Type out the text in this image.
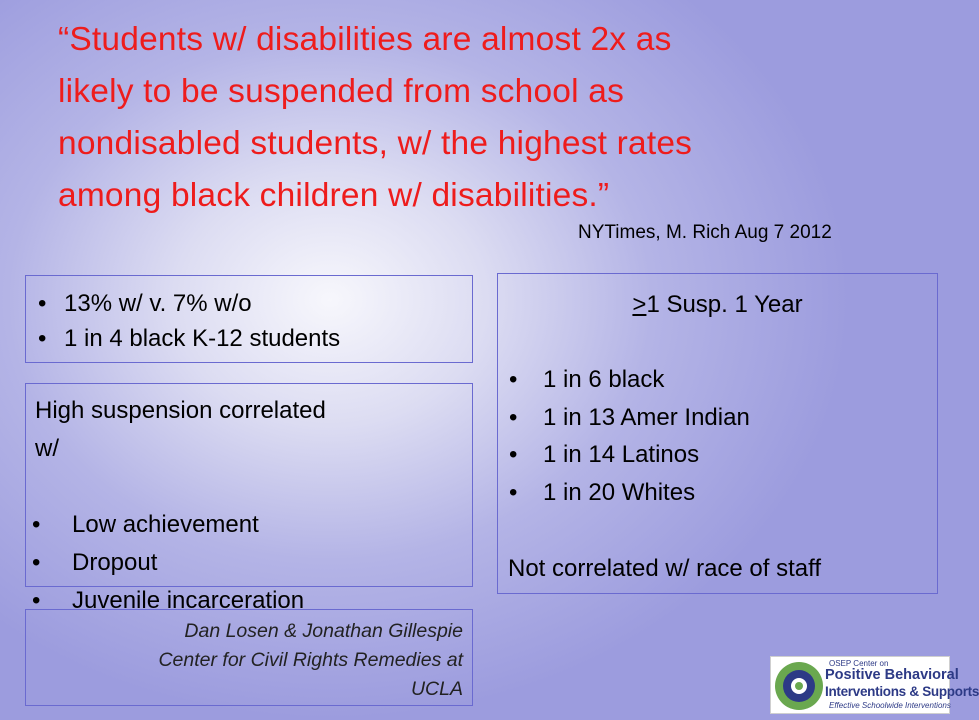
“Students w/ disabilities are almost 2x as
likely to be suspended from school as
nondisabled students, w/ the highest rates
among black children w/ disabilities.”
NYTimes, M. Rich Aug 7 2012
• 13% w/ v. 7% w/o
• 1 in 4 black K-12 students
High suspension correlated
w/
• Low achievement
• Dropout
• Juvenile incarceration
≥1 Susp. 1 Year
• 1 in 6 black
• 1 in 13 Amer Indian
• 1 in 14 Latinos
• 1 in 20 Whites
Not correlated w/ race of staff
Dan Losen & Jonathan Gillespie
Center for Civil Rights Remedies at
UCLA
OSEP Center on
Positive Behavioral
Interventions & Supports
Effective Schoolwide Interventions
